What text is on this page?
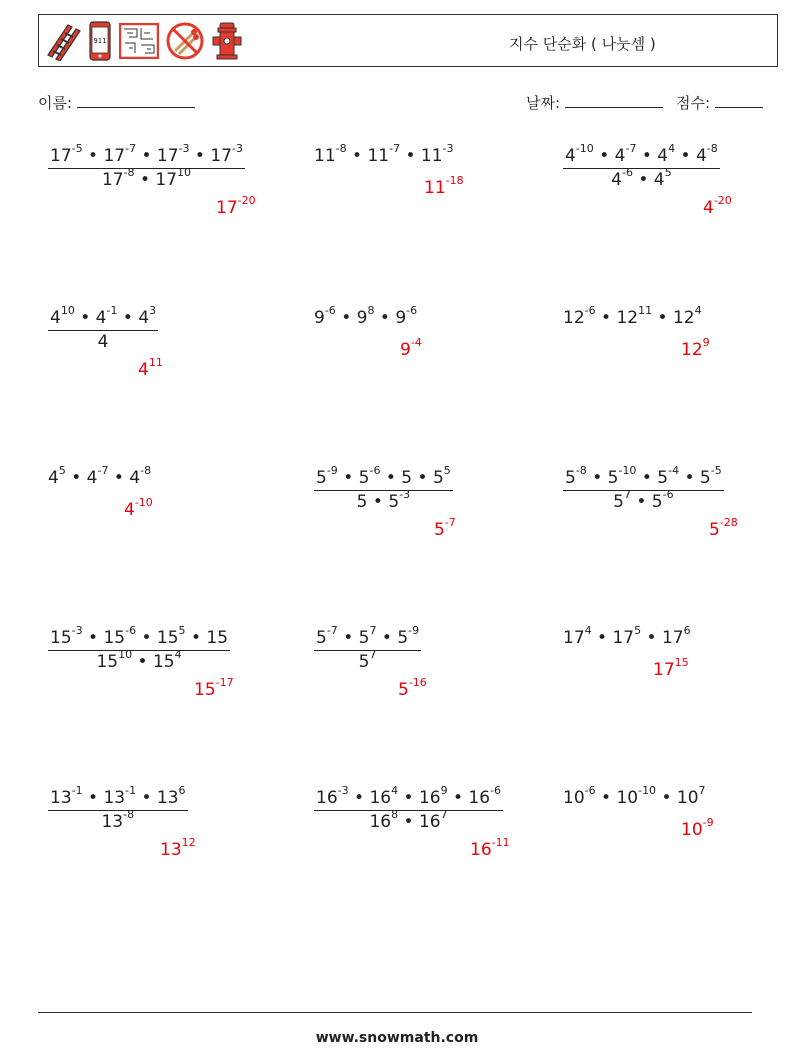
911	지수 단순화 ( 나눗셈 )
이름:	날짜:	점수:
$\frac{17^{-5} • 17^{-7} • 17^{-3} • 17^{-3}}{17^{-8} • 17^{10}}$
$17^{-20}$
$11^{-8}$ • $11^{-7}$ • $11^{-3}$
$11^{-18}$	$\frac{4^{-10} • 4^{-7} • 4^4 • 4^{-8}}{4^{-6} • 4^5}$
$4^{-20}$
$\frac{4^{10} • 4^{-1} • 4^3}{4}$
$4^{11}$
$9^{-6}$ • $9^8$ • $9^{-6}$
$9^{-4}$
$12^{-6}$ • $12^{11}$ • $12^4$
$12^9$
$4^5$ • $4^{-7}$ • $4^{-8}$
$4^{-10}$	$\frac{5^{-9} • 5^{-6} • 5 • 5^5}{5 • 5^{-3}}$
$5^{-7}$
$\frac{5^{-8} • 5^{-10} • 5^{-4} • 5^{-5}}{5^7 • 5^{-6}}$
$5^{-28}$
$\frac{15^{-3} • 15^{-6} • 15^5 • 15}{15^{10} • 15^4}$
$15^{-17}$
$\frac{5^{-7} • 5^7 • 5^{-9}}{5^7}$
$5^{-16}$
$17^4$ • $17^5$ • $17^6$
$17^{15}$
$\frac{13^{-1} • 13^{-1} • 13^6}{13^{-8}}$
$13^{12}$
$\frac{16^{-3} • 16^4 • 16^9 • 16^{-6}}{16^8 • 16^7}$
$16^{-11}$
$10^{-6}$ • $10^{-10}$ • $10^7$
$10^{-9}$
www.snowmath.com
